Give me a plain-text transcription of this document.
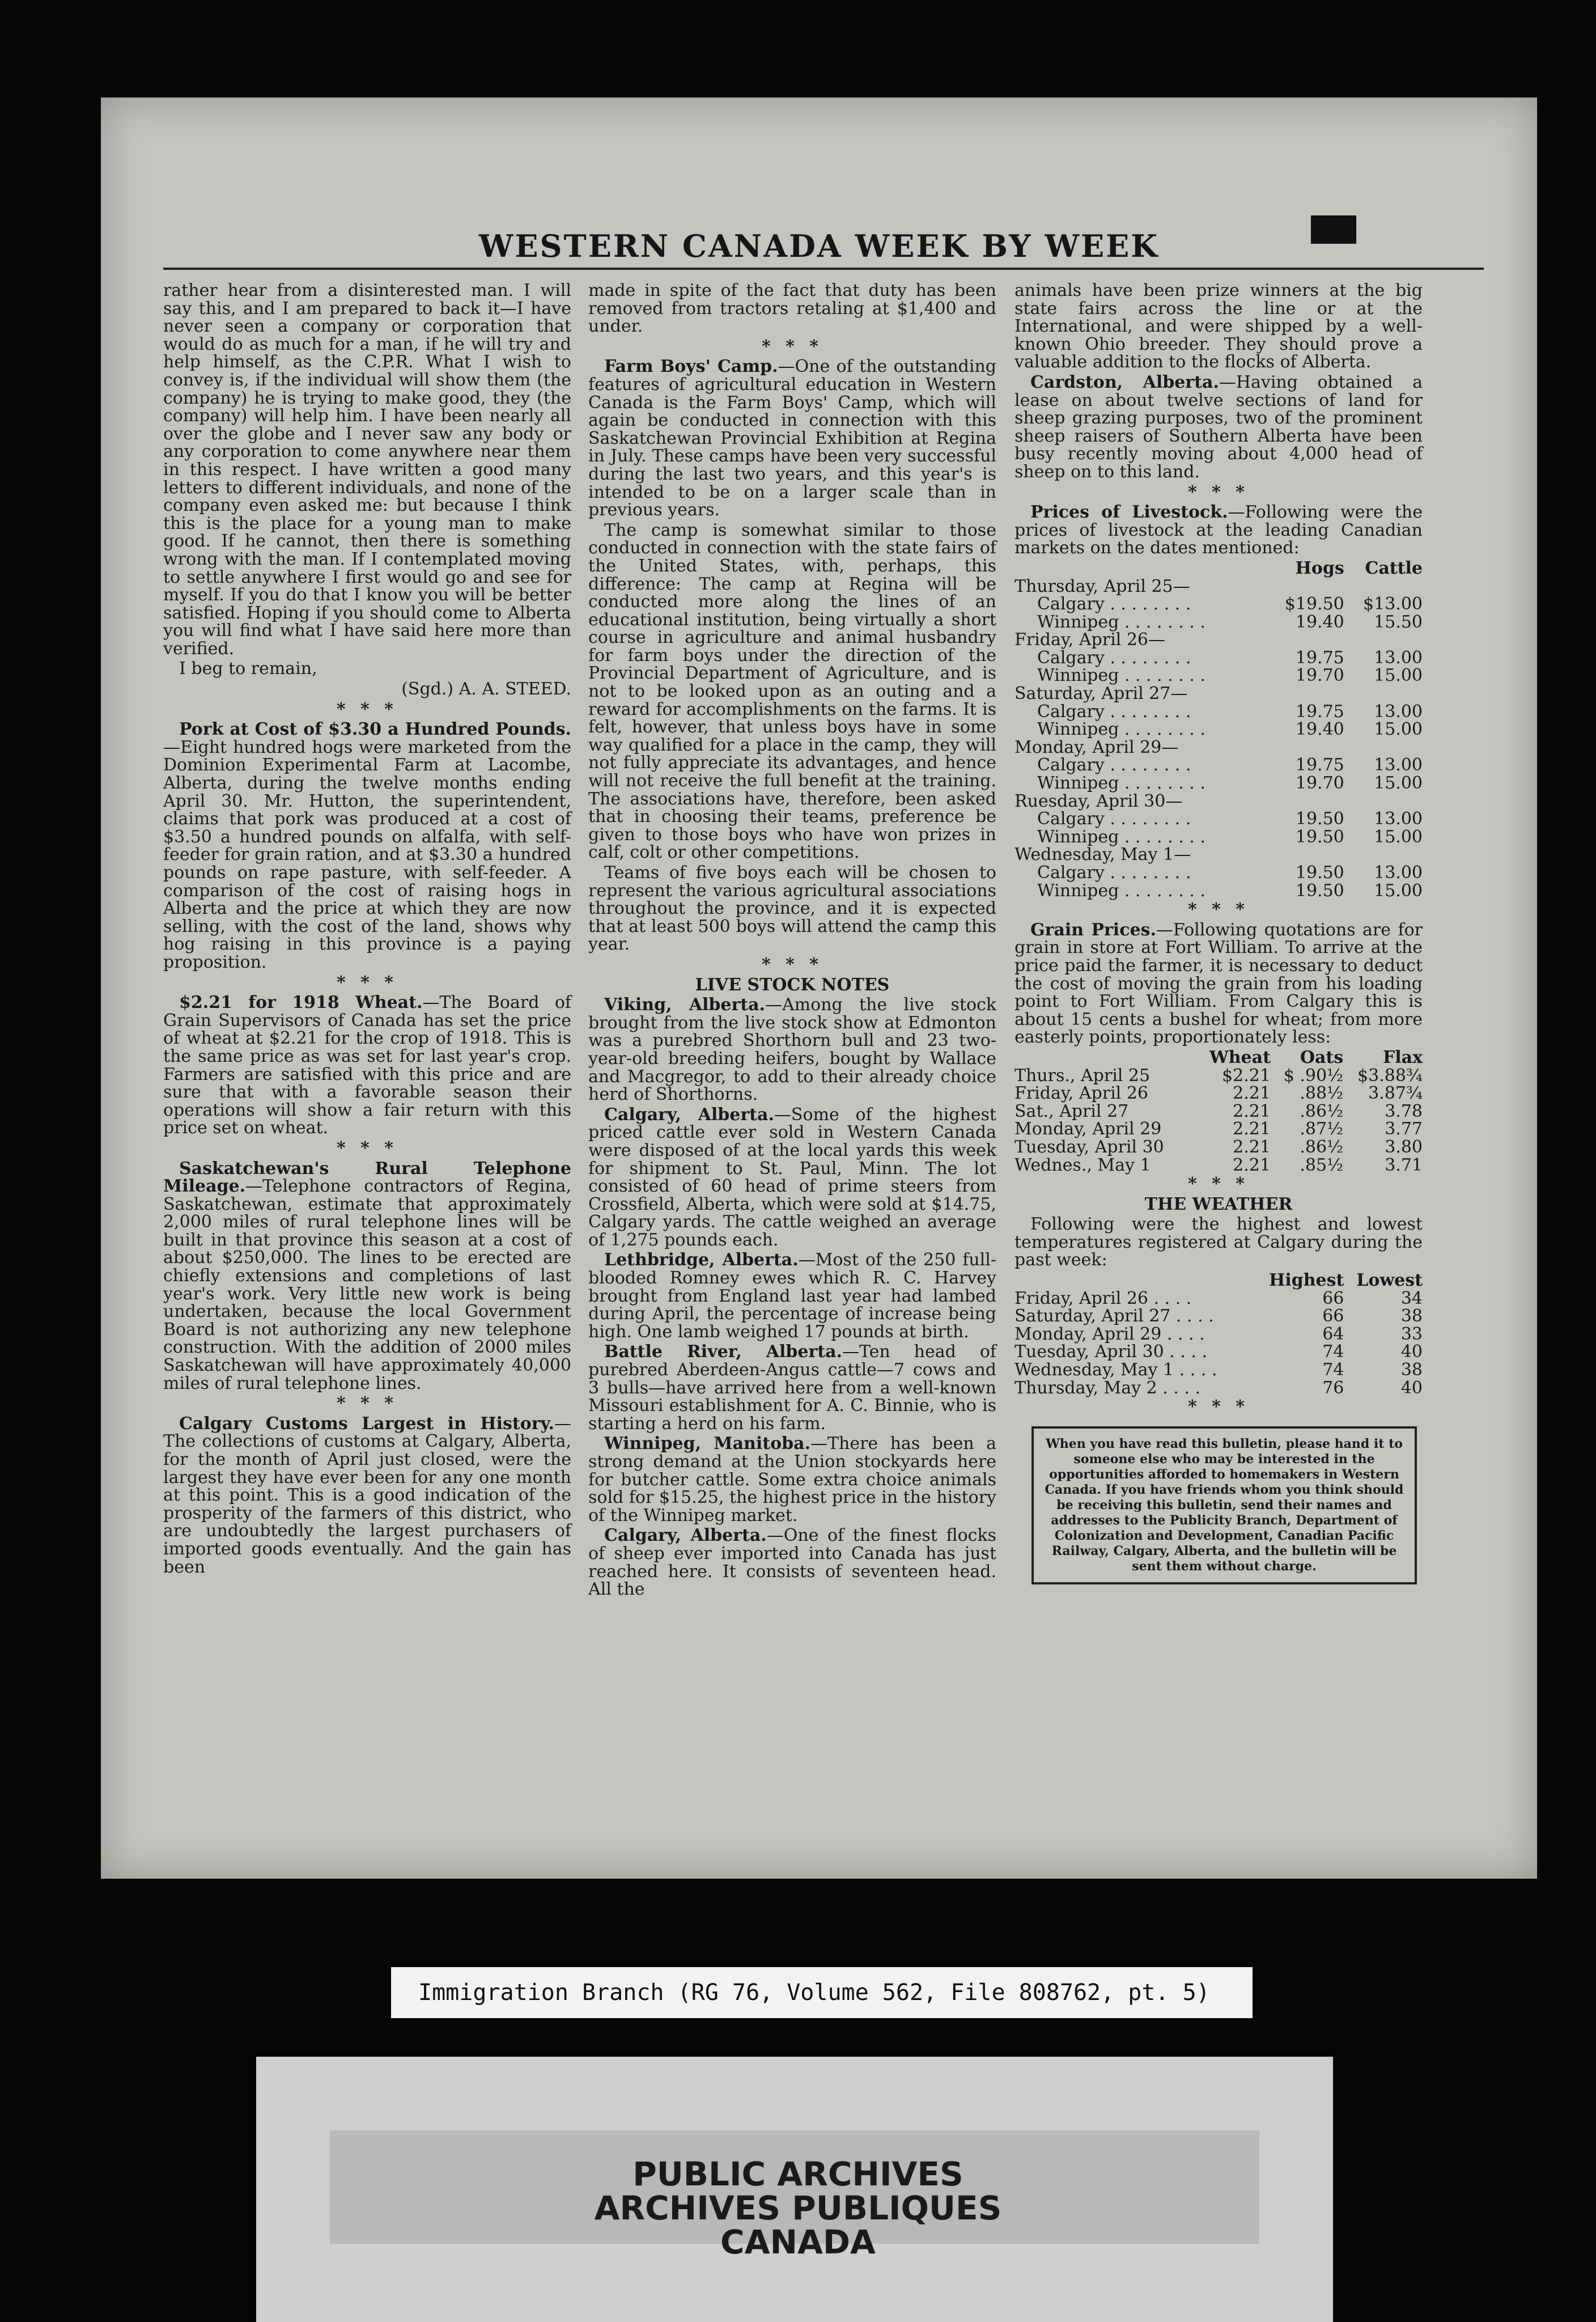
WESTERN CANADA WEEK BY WEEK

rather hear from a disinterested man. I will say this, and I am prepared to back it—I have never seen a company or corporation that would do as much for a man, if he will try and help himself, as the C.P.R. What I wish to convey is, if the individual will show them (the company) he is trying to make good, they (the company) will help him. I have been nearly all over the globe and I never saw any body or any corporation to come anywhere near them in this respect. I have written a good many letters to different individuals, and none of the company even asked me: but because I think this is the place for a young man to make good. If he cannot, then there is something wrong with the man. If I contemplated moving to settle anywhere I first would go and see for myself. If you do that I know you will be better satisfied. Hoping if you should come to Alberta you will find what I have said here more than verified.

I beg to remain,

(Sgd.) A. A. STEED.
* * *

Pork at Cost of $3.30 a Hundred Pounds.—Eight hundred hogs were marketed from the Dominion Experimental Farm at Lacombe, Alberta, during the twelve months ending April 30. Mr. Hutton, the superintendent, claims that pork was produced at a cost of $3.50 a hundred pounds on alfalfa, with self-feeder for grain ration, and at $3.30 a hundred pounds on rape pasture, with self-feeder. A comparison of the cost of raising hogs in Alberta and the price at which they are now selling, with the cost of the land, shows why hog raising in this province is a paying proposition.

* * *

$2.21 for 1918 Wheat.—The Board of Grain Supervisors of Canada has set the price of wheat at $2.21 for the crop of 1918. This is the same price as was set for last year's crop. Farmers are satisfied with this price and are sure that with a favorable season their operations will show a fair return with this price set on wheat.

* * *

Saskatchewan's Rural Telephone Mileage.—Telephone contractors of Regina, Saskatchewan, estimate that approximately 2,000 miles of rural telephone lines will be built in that province this season at a cost of about $250,000. The lines to be erected are chiefly extensions and completions of last year's work. Very little new work is being undertaken, because the local Government Board is not authorizing any new telephone construction. With the addition of 2000 miles Saskatchewan will have approximately 40,000 miles of rural telephone lines.

* * *

Calgary Customs Largest in History.—The collections of customs at Calgary, Alberta, for the month of April just closed, were the largest they have ever been for any one month at this point. This is a good indication of the prosperity of the farmers of this district, who are undoubtedly the largest purchasers of imported goods eventually. And the gain has been

made in spite of the fact that duty has been removed from tractors retaling at $1,400 and under.

* * *

Farm Boys' Camp.—One of the outstanding features of agricultural education in Western Canada is the Farm Boys' Camp, which will again be conducted in connection with this Saskatchewan Provincial Exhibition at Regina in July. These camps have been very successful during the last two years, and this year's is intended to be on a larger scale than in previous years.

The camp is somewhat similar to those conducted in connection with the state fairs of the United States, with, perhaps, this difference: The camp at Regina will be conducted more along the lines of an educational institution, being virtually a short course in agriculture and animal husbandry for farm boys under the direction of the Provincial Department of Agriculture, and is not to be looked upon as an outing and a reward for accomplishments on the farms. It is felt, however, that unless boys have in some way qualified for a place in the camp, they will not fully appreciate its advantages, and hence will not receive the full benefit at the training. The associations have, therefore, been asked that in choosing their teams, preference be given to those boys who have won prizes in calf, colt or other competitions.

Teams of five boys each will be chosen to represent the various agricultural associations throughout the province, and it is expected that at least 500 boys will attend the camp this year.

* * *
LIVE STOCK NOTES

Viking, Alberta.—Among the live stock brought from the live stock show at Edmonton was a purebred Shorthorn bull and 23 two-year-old breeding heifers, bought by Wallace and Macgregor, to add to their already choice herd of Shorthorns.

Calgary, Alberta.—Some of the highest priced cattle ever sold in Western Canada were disposed of at the local yards this week for shipment to St. Paul, Minn. The lot consisted of 60 head of prime steers from Crossfield, Alberta, which were sold at $14.75, Calgary yards. The cattle weighed an average of 1,275 pounds each.

Lethbridge, Alberta.—Most of the 250 full-blooded Romney ewes which R. C. Harvey brought from England last year had lambed during April, the percentage of increase being high. One lamb weighed 17 pounds at birth.

Battle River, Alberta.—Ten head of purebred Aberdeen-Angus cattle—7 cows and 3 bulls—have arrived here from a well-known Missouri establishment for A. C. Binnie, who is starting a herd on his farm.

Winnipeg, Manitoba.—There has been a strong demand at the Union stockyards here for butcher cattle. Some extra choice animals sold for $15.25, the highest price in the history of the Winnipeg market.

Calgary, Alberta.—One of the finest flocks of sheep ever imported into Canada has just reached here. It consists of seventeen head. All the

animals have been prize winners at the big state fairs across the line or at the International, and were shipped by a well-known Ohio breeder. They should prove a valuable addition to the flocks of Alberta.

Cardston, Alberta.—Having obtained a lease on about twelve sections of land for sheep grazing purposes, two of the prominent sheep raisers of Southern Alberta have been busy recently moving about 4,000 head of sheep on to this land.

* * *

Prices of Livestock.—Following were the prices of livestock at the leading Canadian markets on the dates mentioned:

	Hogs	Cattle
Thursday, April 25—		
Calgary . . . . . . . .	$19.50	$13.00
Winnipeg . . . . . . . .	19.40	15.50
Friday, April 26—		
Calgary . . . . . . . .	19.75	13.00
Winnipeg . . . . . . . .	19.70	15.00
Saturday, April 27—		
Calgary . . . . . . . .	19.75	13.00
Winnipeg . . . . . . . .	19.40	15.00
Monday, April 29—		
Calgary . . . . . . . .	19.75	13.00
Winnipeg . . . . . . . .	19.70	15.00
Ruesday, April 30—		
Calgary . . . . . . . .	19.50	13.00
Winnipeg . . . . . . . .	19.50	15.00
Wednesday, May 1—		
Calgary . . . . . . . .	19.50	13.00
Winnipeg . . . . . . . .	19.50	15.00
* * *

Grain Prices.—Following quotations are for grain in store at Fort William. To arrive at the price paid the farmer, it is necessary to deduct the cost of moving the grain from his loading point to Fort William. From Calgary this is about 15 cents a bushel for wheat; from more easterly points, proportionately less:

	Wheat	Oats	Flax
Thurs., April 25	$2.21	$ .90½	$3.88¾
Friday, April 26	2.21	.88½	3.87¾
Sat., April 27	2.21	.86½	3.78
Monday, April 29	2.21	.87½	3.77
Tuesday, April 30	2.21	.86½	3.80
Wednes., May 1	2.21	.85½	3.71
* * *
THE WEATHER

Following were the highest and lowest temperatures registered at Calgary during the past week:

	Highest	Lowest
Friday, April 26 . . . .	66	34
Saturday, April 27 . . . .	66	38
Monday, April 29 . . . .	64	33
Tuesday, April 30 . . . .	74	40
Wednesday, May 1 . . . .	74	38
Thursday, May 2 . . . .	76	40
* * *
When you have read this bulletin, please hand it to someone else who may be interested in the opportunities afforded to homemakers in Western Canada. If you have friends whom you think should be receiving this bulletin, send their names and addresses to the Publicity Branch, Department of Colonization and Development, Canadian Pacific Railway, Calgary, Alberta, and the bulletin will be sent them without charge.
Immigration Branch (RG 76, Volume 562, File 808762, pt. 5)
PUBLIC ARCHIVES
ARCHIVES PUBLIQUES
CANADA
